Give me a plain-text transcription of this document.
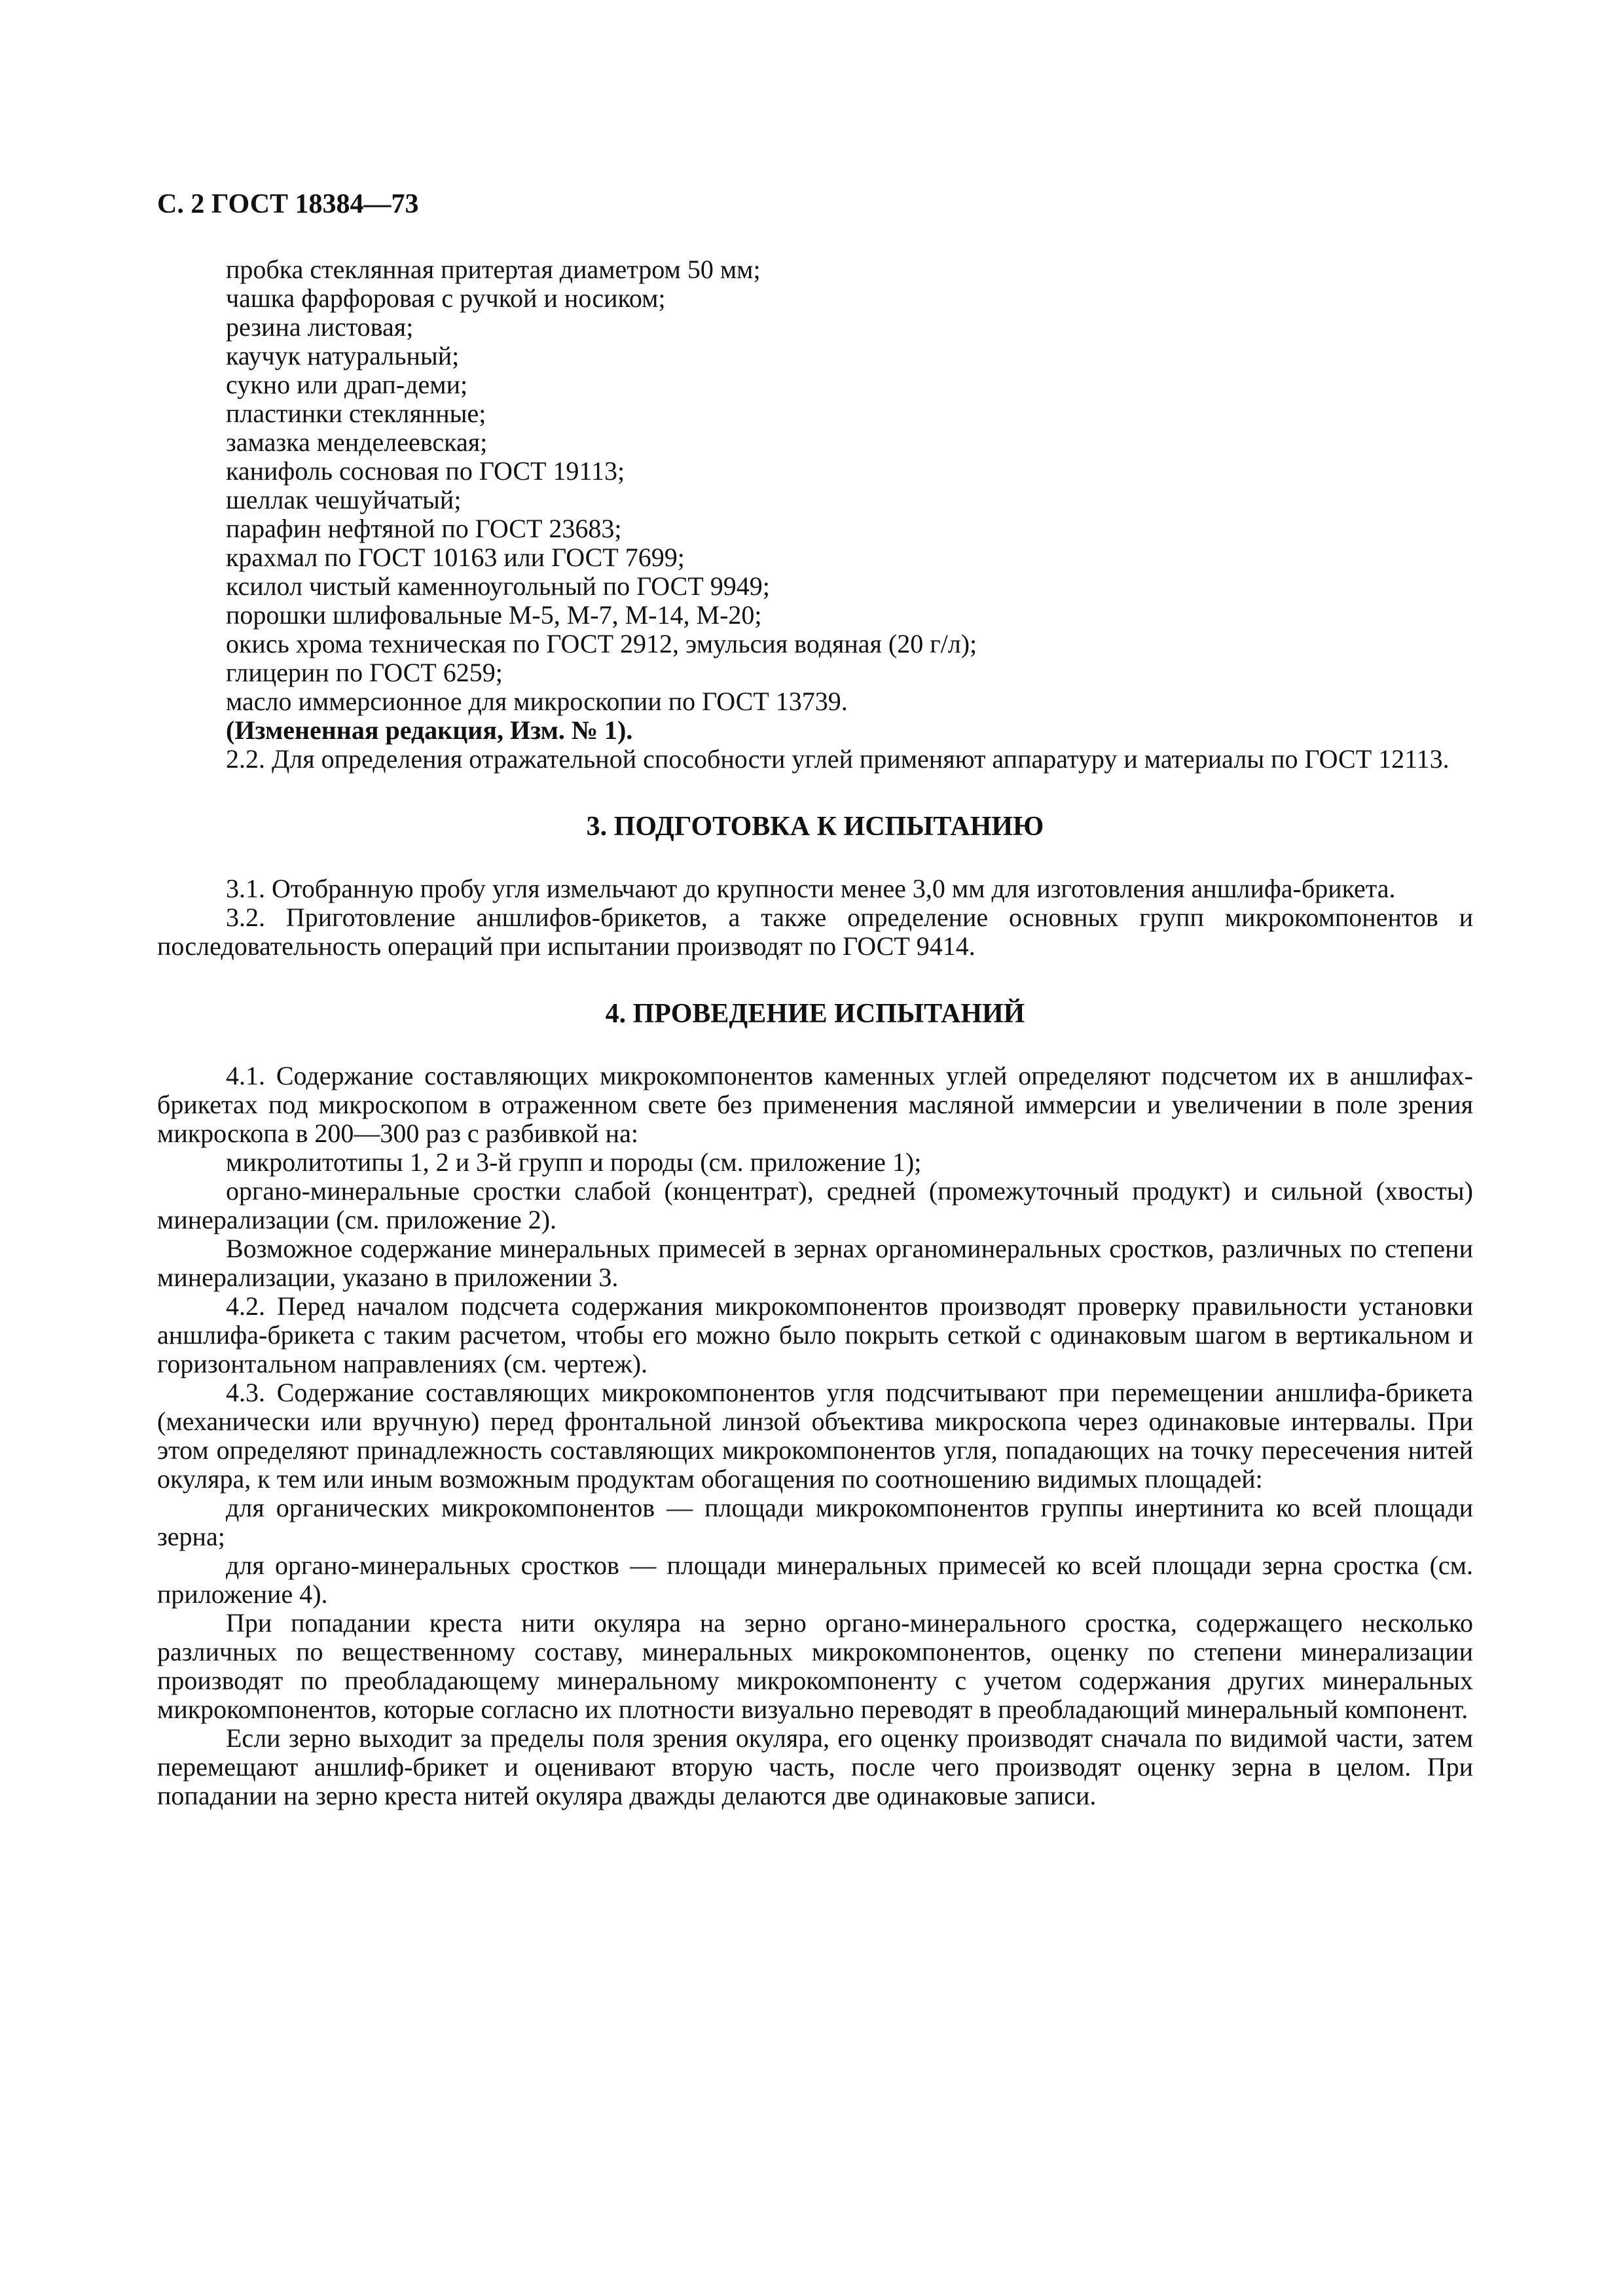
С. 2 ГОСТ 18384—73
пробка стеклянная притертая диаметром 50 мм;
чашка фарфоровая с ручкой и носиком;
резина листовая;
каучук натуральный;
сукно или драп-деми;
пластинки стеклянные;
замазка менделеевская;
канифоль сосновая по ГОСТ 19113;
шеллак чешуйчатый;
парафин нефтяной по ГОСТ 23683;
крахмал по ГОСТ 10163 или ГОСТ 7699;
ксилол чистый каменноугольный по ГОСТ 9949;
порошки шлифовальные М-5, М-7, М-14, М-20;
окись хрома техническая по ГОСТ 2912, эмульсия водяная (20 г/л);
глицерин по ГОСТ 6259;
масло иммерсионное для микроскопии по ГОСТ 13739.
(Измененная редакция, Изм. № 1).

2.2. Для определения отражательной способности углей применяют аппаратуру и материалы по ГОСТ 12113.

3. ПОДГОТОВКА К ИСПЫТАНИЮ

3.1. Отобранную пробу угля измельчают до крупности менее 3,0 мм для изготовления аншлифа-брикета.

3.2. Приготовление аншлифов-брикетов, а также определение основных групп микрокомпонентов и последовательность операций при испытании производят по ГОСТ 9414.

4. ПРОВЕДЕНИЕ ИСПЫТАНИЙ

4.1. Содержание составляющих микрокомпонентов каменных углей определяют подсчетом их в аншлифах-брикетах под микроскопом в отраженном свете без применения масляной иммерсии и увеличении в поле зрения микроскопа в 200—300 раз с разбивкой на:

микролитотипы 1, 2 и 3-й групп и породы (см. приложение 1);

органо-минеральные сростки слабой (концентрат), средней (промежуточный продукт) и сильной (хвосты) минерализации (см. приложение 2).

Возможное содержание минеральных примесей в зернах органоминеральных сростков, различных по степени минерализации, указано в приложении 3.

4.2. Перед началом подсчета содержания микрокомпонентов производят проверку правильности установки аншлифа-брикета с таким расчетом, чтобы его можно было покрыть сеткой с одинаковым шагом в вертикальном и горизонтальном направлениях (см. чертеж).

4.3. Содержание составляющих микрокомпонентов угля подсчитывают при перемещении аншлифа-брикета (механически или вручную) перед фронтальной линзой объектива микроскопа через одинаковые интервалы. При этом определяют принадлежность составляющих микрокомпонентов угля, попадающих на точку пересечения нитей окуляра, к тем или иным возможным продуктам обогащения по соотношению видимых площадей:

для органических микрокомпонентов — площади микрокомпонентов группы инертинита ко всей площади зерна;

для органо-минеральных сростков — площади минеральных примесей ко всей площади зерна сростка (см. приложение 4).

При попадании креста нити окуляра на зерно органо-минерального сростка, содержащего несколько различных по вещественному составу, минеральных микрокомпонентов, оценку по степени минерализации производят по преобладающему минеральному микрокомпоненту с учетом содержания других минеральных микрокомпонентов, которые согласно их плотности визуально переводят в преобладающий минеральный компонент.

Если зерно выходит за пределы поля зрения окуляра, его оценку производят сначала по видимой части, затем перемещают аншлиф-брикет и оценивают вторую часть, после чего производят оценку зерна в целом. При попадании на зерно креста нитей окуляра дважды делаются две одинаковые записи.
